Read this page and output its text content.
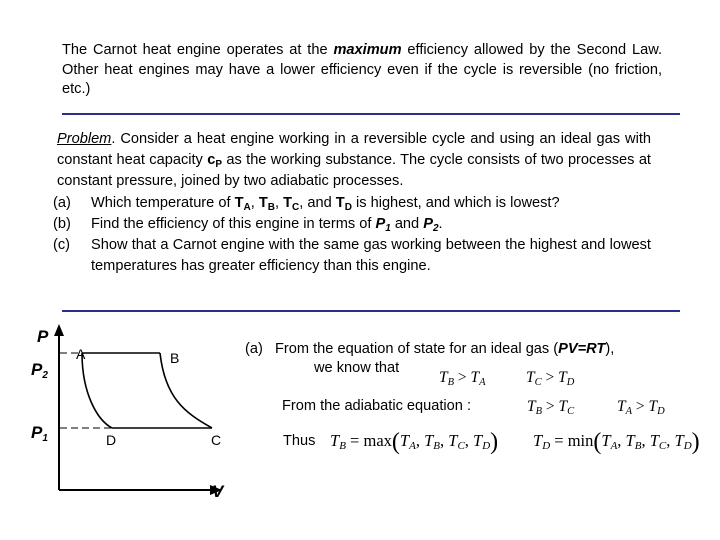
The Carnot heat engine operates at the maximum efficiency allowed by the Second Law. Other heat engines may have a lower efficiency even if the cycle is reversible (no friction, etc.)

Problem. Consider a heat engine working in a reversible cycle and using an ideal gas with constant heat capacity $c_P$ as the working substance. The cycle consists of two processes at constant pressure, joined by two adiabatic processes.

(a) Which temperature of $T_A$, $T_B$, $T_C$, and $T_D$ is highest, and which is lowest?

(b) Find the efficiency of this engine in terms of $P_1$ and $P_2$.

(c) Show that a Carnot engine with the same gas working between the highest and lowest temperatures has greater efficiency than this engine.

P
$P_2$
$P_1$
V
A	B
C
D
(a) From the equation of state for an ideal gas (PV=RT),
we know that
$T_B > T_A$	$T_C > T_D$
From the adiabatic equation :	$T_B > T_C$	$T_A > T_D$
Thus $T_B = \max(T_A$, $T_B$, $T_C$, $T_D$) $T_D = \min(T_A$, $T_B$, $T_C$, $T_D$)
